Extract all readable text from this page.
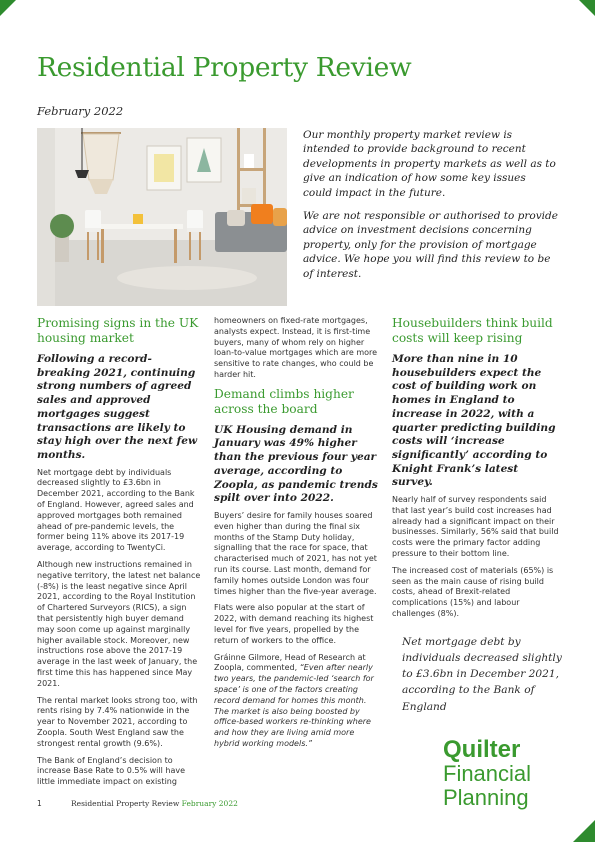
Residential Property Review
February 2022

Our monthly property market review is intended to provide background to recent developments in property markets as well as to give an indication of how some key issues could impact in the future.

We are not responsible or authorised to provide advice on investment decisions concerning property, only for the provision of mortgage advice. We hope you will find this review to be of interest.

Promising signs in the UK housing market
Following a record-breaking 2021, continuing strong numbers of agreed sales and approved mortgages suggest transactions are likely to stay high over the next few months.

Net mortgage debt by individuals decreased slightly to £3.6bn in December 2021, according to the Bank of England. However, agreed sales and approved mortgages both remained ahead of pre-pandemic levels, the former being 11% above its 2017-19 average, according to TwentyCi.

Although new instructions remained in negative territory, the latest net balance (-8%) is the least negative since April 2021, according to the Royal Institution of Chartered Surveyors (RICS), a sign that persistently high buyer demand may soon come up against marginally higher available stock. Moreover, new instructions rose above the 2017-19 average in the last week of January, the first time this has happened since May 2021.

The rental market looks strong too, with rents rising by 7.4% nationwide in the year to November 2021, according to Zoopla. South West England saw the strongest rental growth (9.6%).

The Bank of England’s decision to increase Base Rate to 0.5% will have little immediate impact on existing

homeowners on fixed-rate mortgages, analysts expect. Instead, it is first-time buyers, many of whom rely on higher loan-to-value mortgages which are more sensitive to rate changes, who could be harder hit.

Demand climbs higher across the board
UK Housing demand in January was 49% higher than the previous four year average, according to Zoopla, as pandemic trends spilt over into 2022.

Buyers’ desire for family houses soared even higher than during the final six months of the Stamp Duty holiday, signalling that the race for space, that characterised much of 2021, has not yet run its course. Last month, demand for family homes outside London was four times higher than the five-year average.

Flats were also popular at the start of 2022, with demand reaching its highest level for five years, propelled by the return of workers to the office.

Gráinne Gilmore, Head of Research at Zoopla, commented, “Even after nearly two years, the pandemic-led ‘search for space’ is one of the factors creating record demand for homes this month. The market is also being boosted by office-based workers re-thinking where and how they are living amid more hybrid working models.”

Housebuilders think build costs will keep rising
More than nine in 10 housebuilders expect the cost of building work on homes in England to increase in 2022, with a quarter predicting building costs will ‘increase significantly’ according to Knight Frank’s latest survey.

Nearly half of survey respondents said that last year’s build cost increases had already had a significant impact on their businesses. Similarly, 56% said that build costs were the primary factor adding pressure to their bottom line.

The increased cost of materials (65%) is seen as the main cause of rising build costs, ahead of Brexit-related complications (15%) and labour challenges (8%).

Net mortgage debt by individuals decreased slightly to £3.6bn in December 2021, according to the Bank of England
Quilter
Financial
Planning
1	Residential Property Review February 2022
